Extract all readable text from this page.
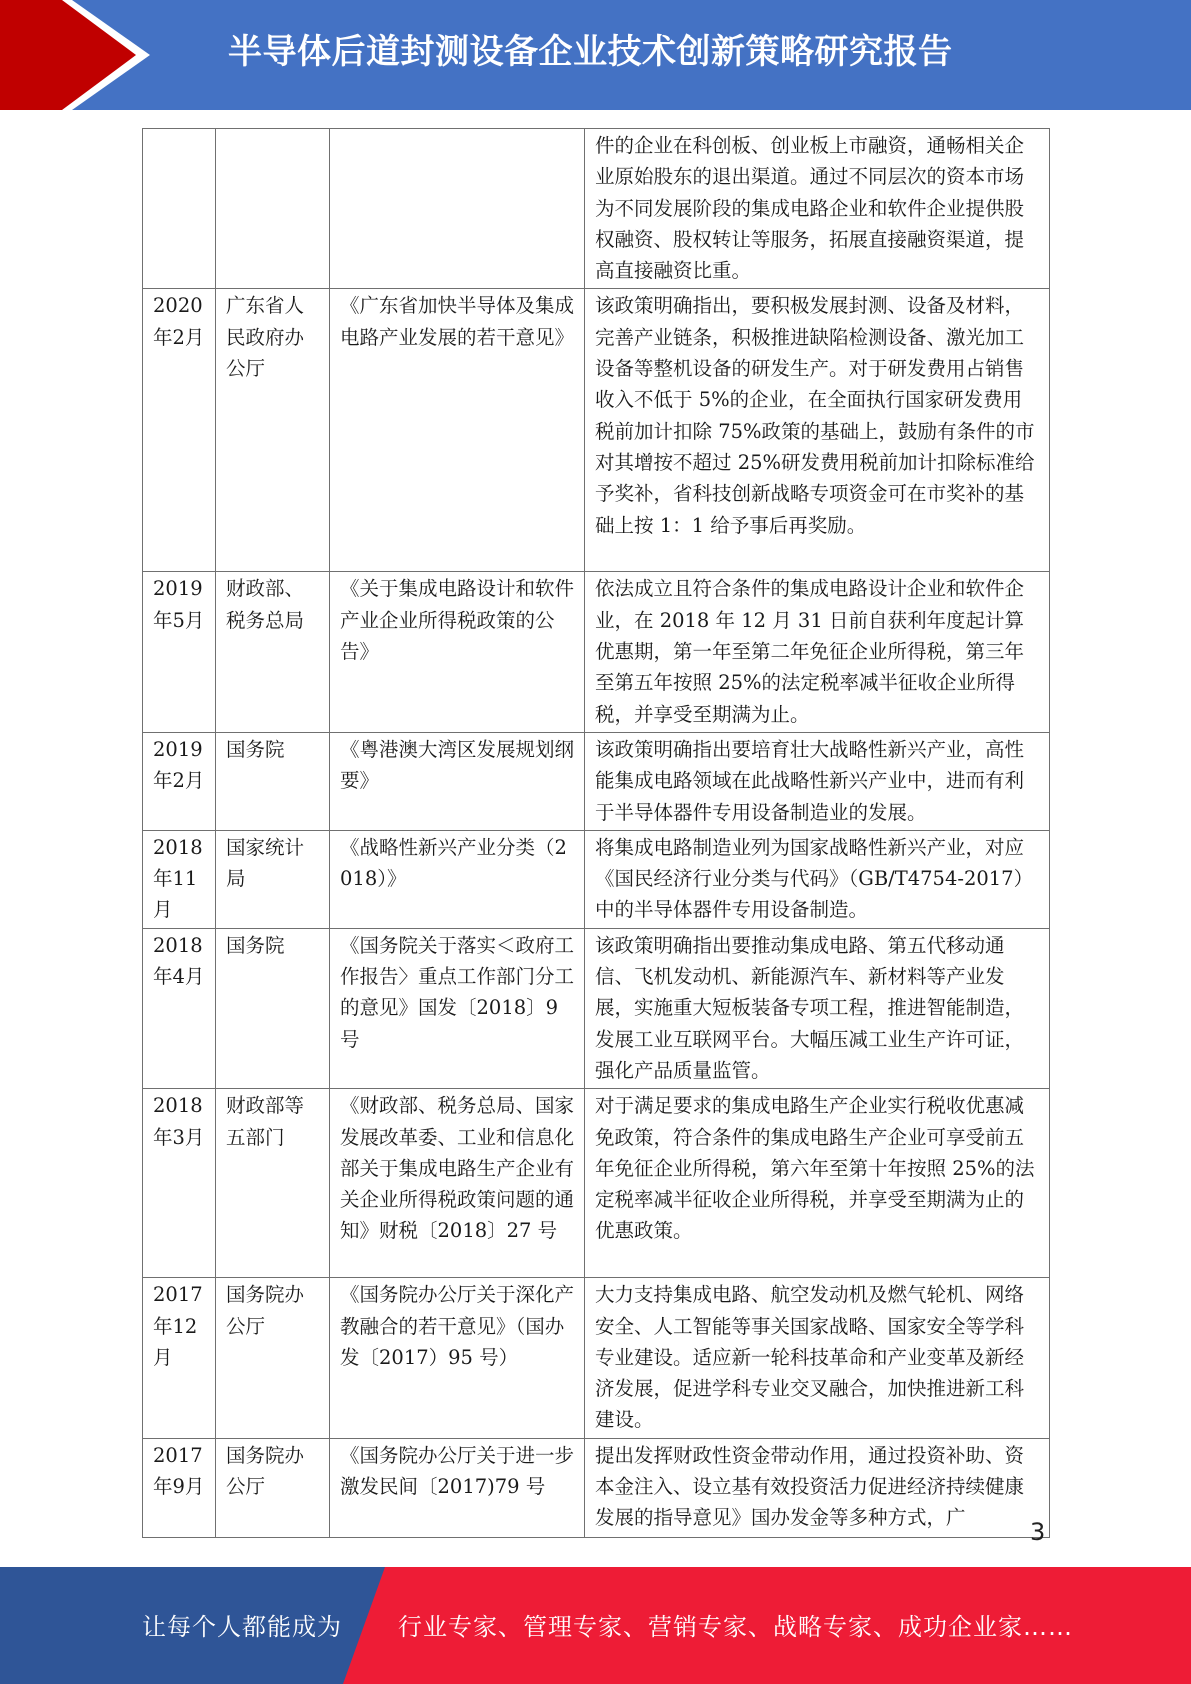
半导体后道封测设备企业技术创新策略研究报告
			件的企业在科创板、创业板上市融资，通畅相关企业原始股东的退出渠道。通过不同层次的资本市场为不同发展阶段的集成电路企业和软件企业提供股权融资、股权转让等服务，拓展直接融资渠道，提高直接融资比重。
2020年2月	广东省人民政府办公厅	《广东省加快半导体及集成电路产业发展的若干意见》	该政策明确指出，要积极发展封测、设备及材料，完善产业链条，积极推进缺陷检测设备、激光加工设备等整机设备的研发生产。对于研发费用占销售收入不低于 5%的企业，在全面执行国家研发费用税前加计扣除 75%政策的基础上，鼓励有条件的市对其增按不超过 25%研发费用税前加计扣除标准给予奖补，省科技创新战略专项资金可在市奖补的基础上按 1：1 给予事后再奖励。
2019年5月	财政部、税务总局	《关于集成电路设计和软件产业企业所得税政策的公告》	依法成立且符合条件的集成电路设计企业和软件企业，在 2018 年 12 月 31 日前自获利年度起计算优惠期，第一年至第二年免征企业所得税，第三年至第五年按照 25%的法定税率减半征收企业所得税，并享受至期满为止。
2019年2月	国务院	《粤港澳大湾区发展规划纲要》	该政策明确指出要培育壮大战略性新兴产业，高性能集成电路领域在此战略性新兴产业中，进而有利于半导体器件专用设备制造业的发展。
2018年11月	国家统计局	《战略性新兴产业分类（2018）》	将集成电路制造业列为国家战略性新兴产业，对应《国民经济行业分类与代码》（GB/T4754-2017）中的半导体器件专用设备制造。
2018年4月	国务院	《国务院关于落实＜政府工作报告〉重点工作部门分工的意见》国发〔2018〕9 号	该政策明确指出要推动集成电路、第五代移动通信、飞机发动机、新能源汽车、新材料等产业发展，实施重大短板装备专项工程，推进智能制造，发展工业互联网平台。大幅压减工业生产许可证，强化产品质量监管。
2018年3月	财政部等五部门	《财政部、税务总局、国家发展改革委、工业和信息化部关于集成电路生产企业有关企业所得税政策问题的通知》财税〔2018〕27 号	对于满足要求的集成电路生产企业实行税收优惠减免政策，符合条件的集成电路生产企业可享受前五年免征企业所得税，第六年至第十年按照 25%的法定税率减半征收企业所得税，并享受至期满为止的优惠政策。
2017年12月	国务院办公厅	《国务院办公厅关于深化产教融合的若干意见》（国办发〔2017）95 号）	大力支持集成电路、航空发动机及燃气轮机、网络安全、人工智能等事关国家战略、国家安全等学科专业建设。适应新一轮科技革命和产业变革及新经济发展，促进学科专业交叉融合，加快推进新工科建设。
2017年9月	国务院办公厅	《国务院办公厅关于进一步激发民间〔2017)79 号	提出发挥财政性资金带动作用，通过投资补助、资本金注入、设立基有效投资活力促进经济持续健康发展的指导意见》国办发金等多种方式，广
3
让每个人都能成为 行业专家、管理专家、营销专家、战略专家、成功企业家……
